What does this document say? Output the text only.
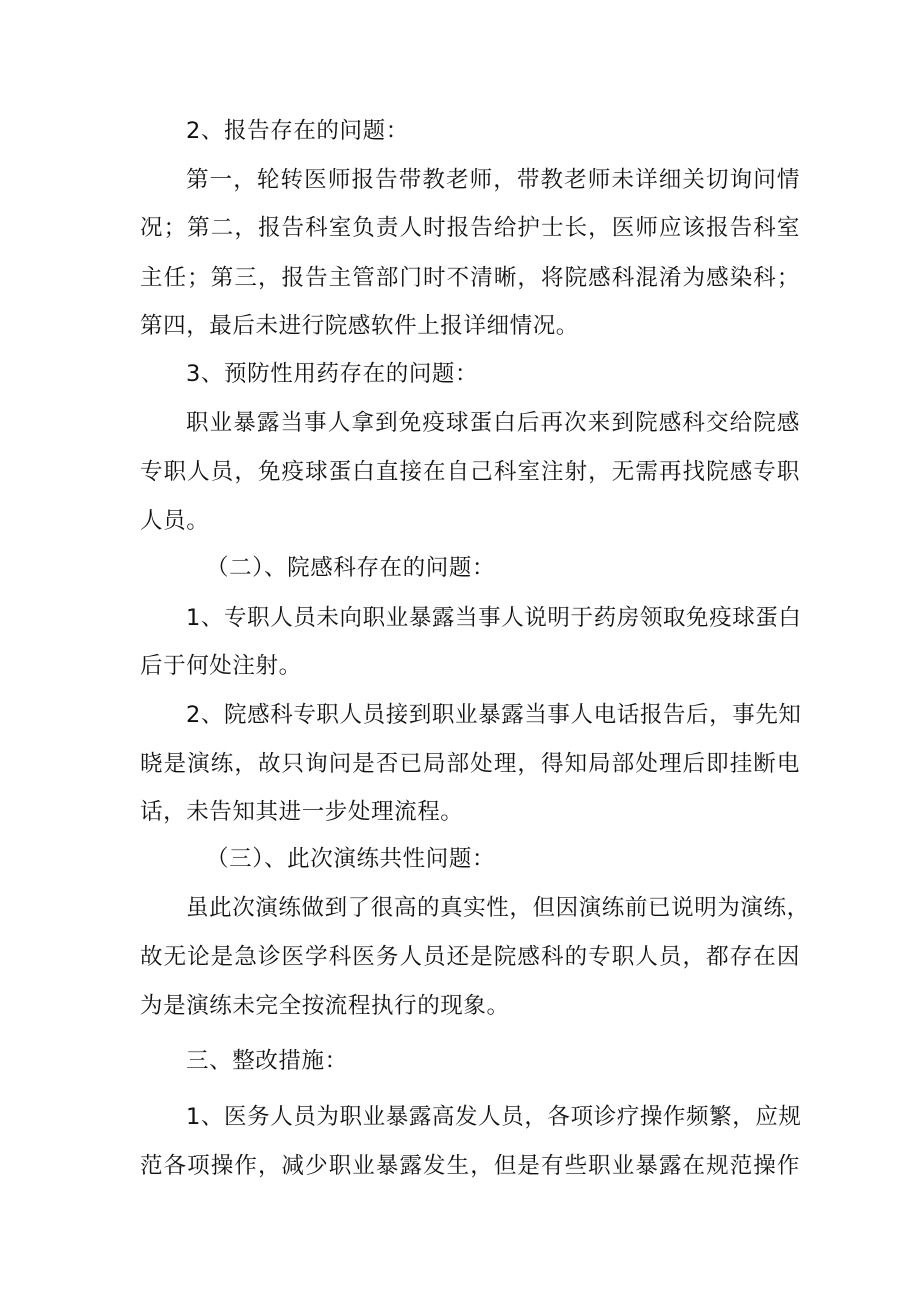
2、报告存在的问题：
第一，轮转医师报告带教老师，带教老师未详细关切询问情
况；第二，报告科室负责人时报告给护士长，医师应该报告科室
主任；第三，报告主管部门时不清晰，将院感科混淆为感染科；
第四，最后未进行院感软件上报详细情况。
3、预防性用药存在的问题：
职业暴露当事人拿到免疫球蛋白后再次来到院感科交给院感
专职人员，免疫球蛋白直接在自己科室注射，无需再找院感专职
人员。
（二）、院感科存在的问题：
1、专职人员未向职业暴露当事人说明于药房领取免疫球蛋白
后于何处注射。
2、院感科专职人员接到职业暴露当事人电话报告后，事先知
晓是演练，故只询问是否已局部处理，得知局部处理后即挂断电
话，未告知其进一步处理流程。
（三）、此次演练共性问题：
虽此次演练做到了很高的真实性，但因演练前已说明为演练，
故无论是急诊医学科医务人员还是院感科的专职人员，都存在因
为是演练未完全按流程执行的现象。
三、整改措施：
1、医务人员为职业暴露高发人员，各项诊疗操作频繁，应规
范各项操作，减少职业暴露发生，但是有些职业暴露在规范操作
